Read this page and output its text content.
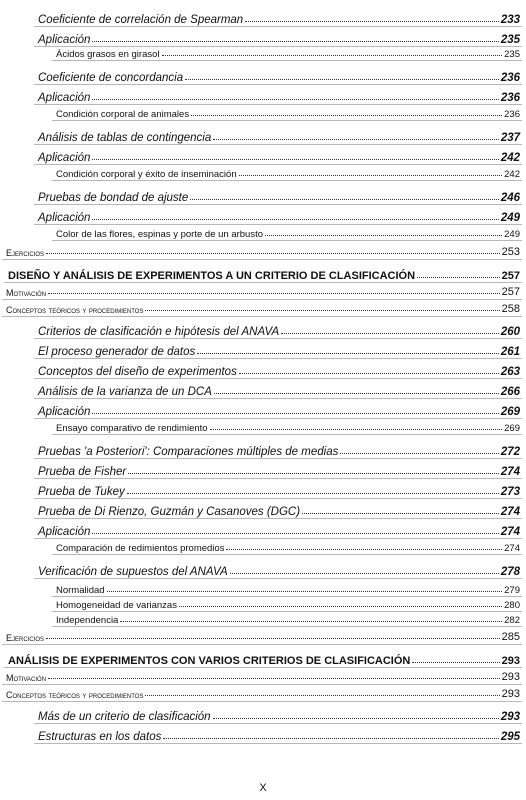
Coeficiente de correlación de Spearman	233
Aplicación	235
Ácidos grasos en girasol	235
Coeficiente de concordancia	236
Aplicación	236
Condición corporal de animales	236
Análisis de tablas de contingencia	237
Aplicación	242
Condición corporal y éxito de inseminación	242
Pruebas de bondad de ajuste	246
Aplicación	249
Color de las flores, espinas y porte de un arbusto	249
Ejercicios	253
DISEÑO Y ANÁLISIS DE EXPERIMENTOS A UN CRITERIO DE CLASIFICACIÓN	257
Motivación	257
Conceptos teóricos y procedimientos	258
Criterios de clasificación e hipótesis del ANAVA	260
El proceso generador de datos	261
Conceptos del diseño de experimentos	263
Análisis de la varianza de un DCA	266
Aplicación	269
Ensayo comparativo de rendimiento	269
Pruebas 'a Posteriori': Comparaciones múltiples de medias	272
Prueba de Fisher	274
Prueba de Tukey	273
Prueba de Di Rienzo, Guzmán y Casanoves (DGC)	274
Aplicación	274
Comparación de redimientos promedios	274
Verificación de supuestos del ANAVA	278
Normalidad	279
Homogeneidad de varianzas	280
Independencia	282
Ejercicios	285
ANÁLISIS DE EXPERIMENTOS CON VARIOS CRITERIOS DE CLASIFICACIÓN	293
Motivación	293
Conceptos teóricos y procedimientos	293
Más de un criterio de clasificación	293
Estructuras en los datos	295
X
